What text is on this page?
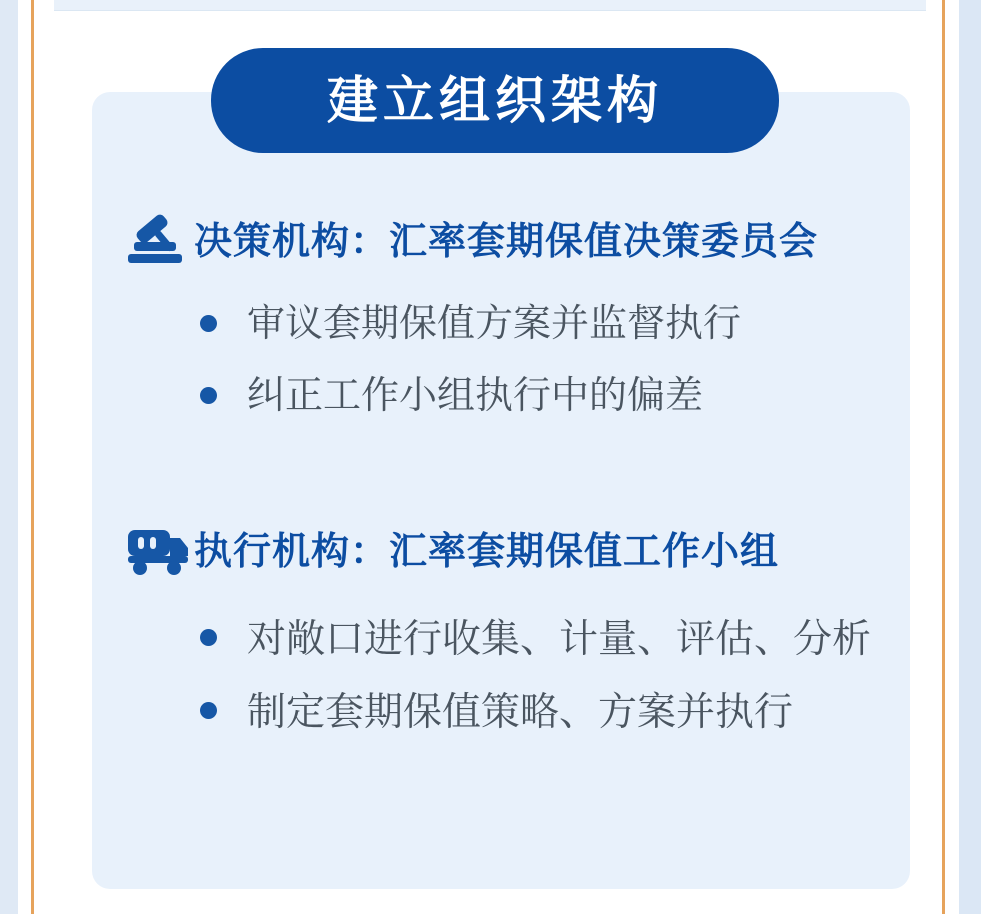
建立组织架构
决策机构：汇率套期保值决策委员会
审议套期保值方案并监督执行
纠正工作小组执行中的偏差
执行机构：汇率套期保值工作小组
对敞口进行收集、计量、评估、分析
制定套期保值策略、方案并执行
